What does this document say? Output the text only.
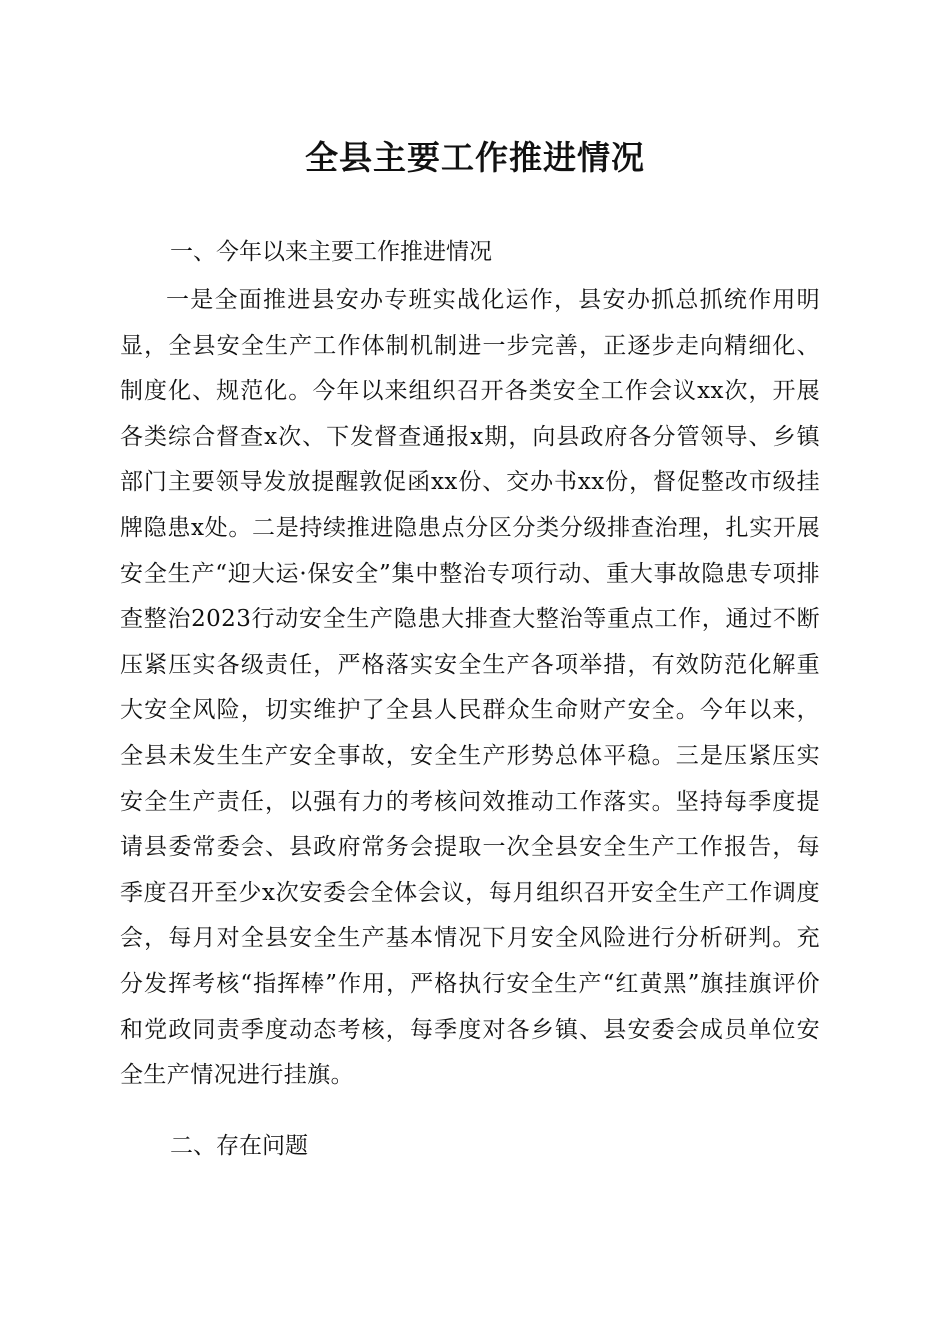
全县主要工作推进情况
一、今年以来主要工作推进情况

一是全面推进县安办专班实战化运作，县安办抓总抓统作用明显，全县安全生产工作体制机制进一步完善，正逐步走向精细化、制度化、规范化。今年以来组织召开各类安全工作会议xx次，开展各类综合督查x次、下发督查通报x期，向县政府各分管领导、乡镇部门主要领导发放提醒敦促函xx份、交办书xx份，督促整改市级挂牌隐患x处。二是持续推进隐患点分区分类分级排查治理，扎实开展安全生产“迎大运·保安全”集中整治专项行动、重大事故隐患专项排查整治2023行动安全生产隐患大排查大整治等重点工作，通过不断压紧压实各级责任，严格落实安全生产各项举措，有效防范化解重大安全风险，切实维护了全县人民群众生命财产安全。今年以来，全县未发生生产安全事故，安全生产形势总体平稳。三是压紧压实安全生产责任，以强有力的考核问效推动工作落实。坚持每季度提请县委常委会、县政府常务会提取一次全县安全生产工作报告，每季度召开至少x次安委会全体会议，每月组织召开安全生产工作调度会，每月对全县安全生产基本情况下月安全风险进行分析研判。充分发挥考核“指挥棒”作用，严格执行安全生产“红黄黑”旗挂旗评价和党政同责季度动态考核，每季度对各乡镇、县安委会成员单位安全生产情况进行挂旗。

二、存在问题
